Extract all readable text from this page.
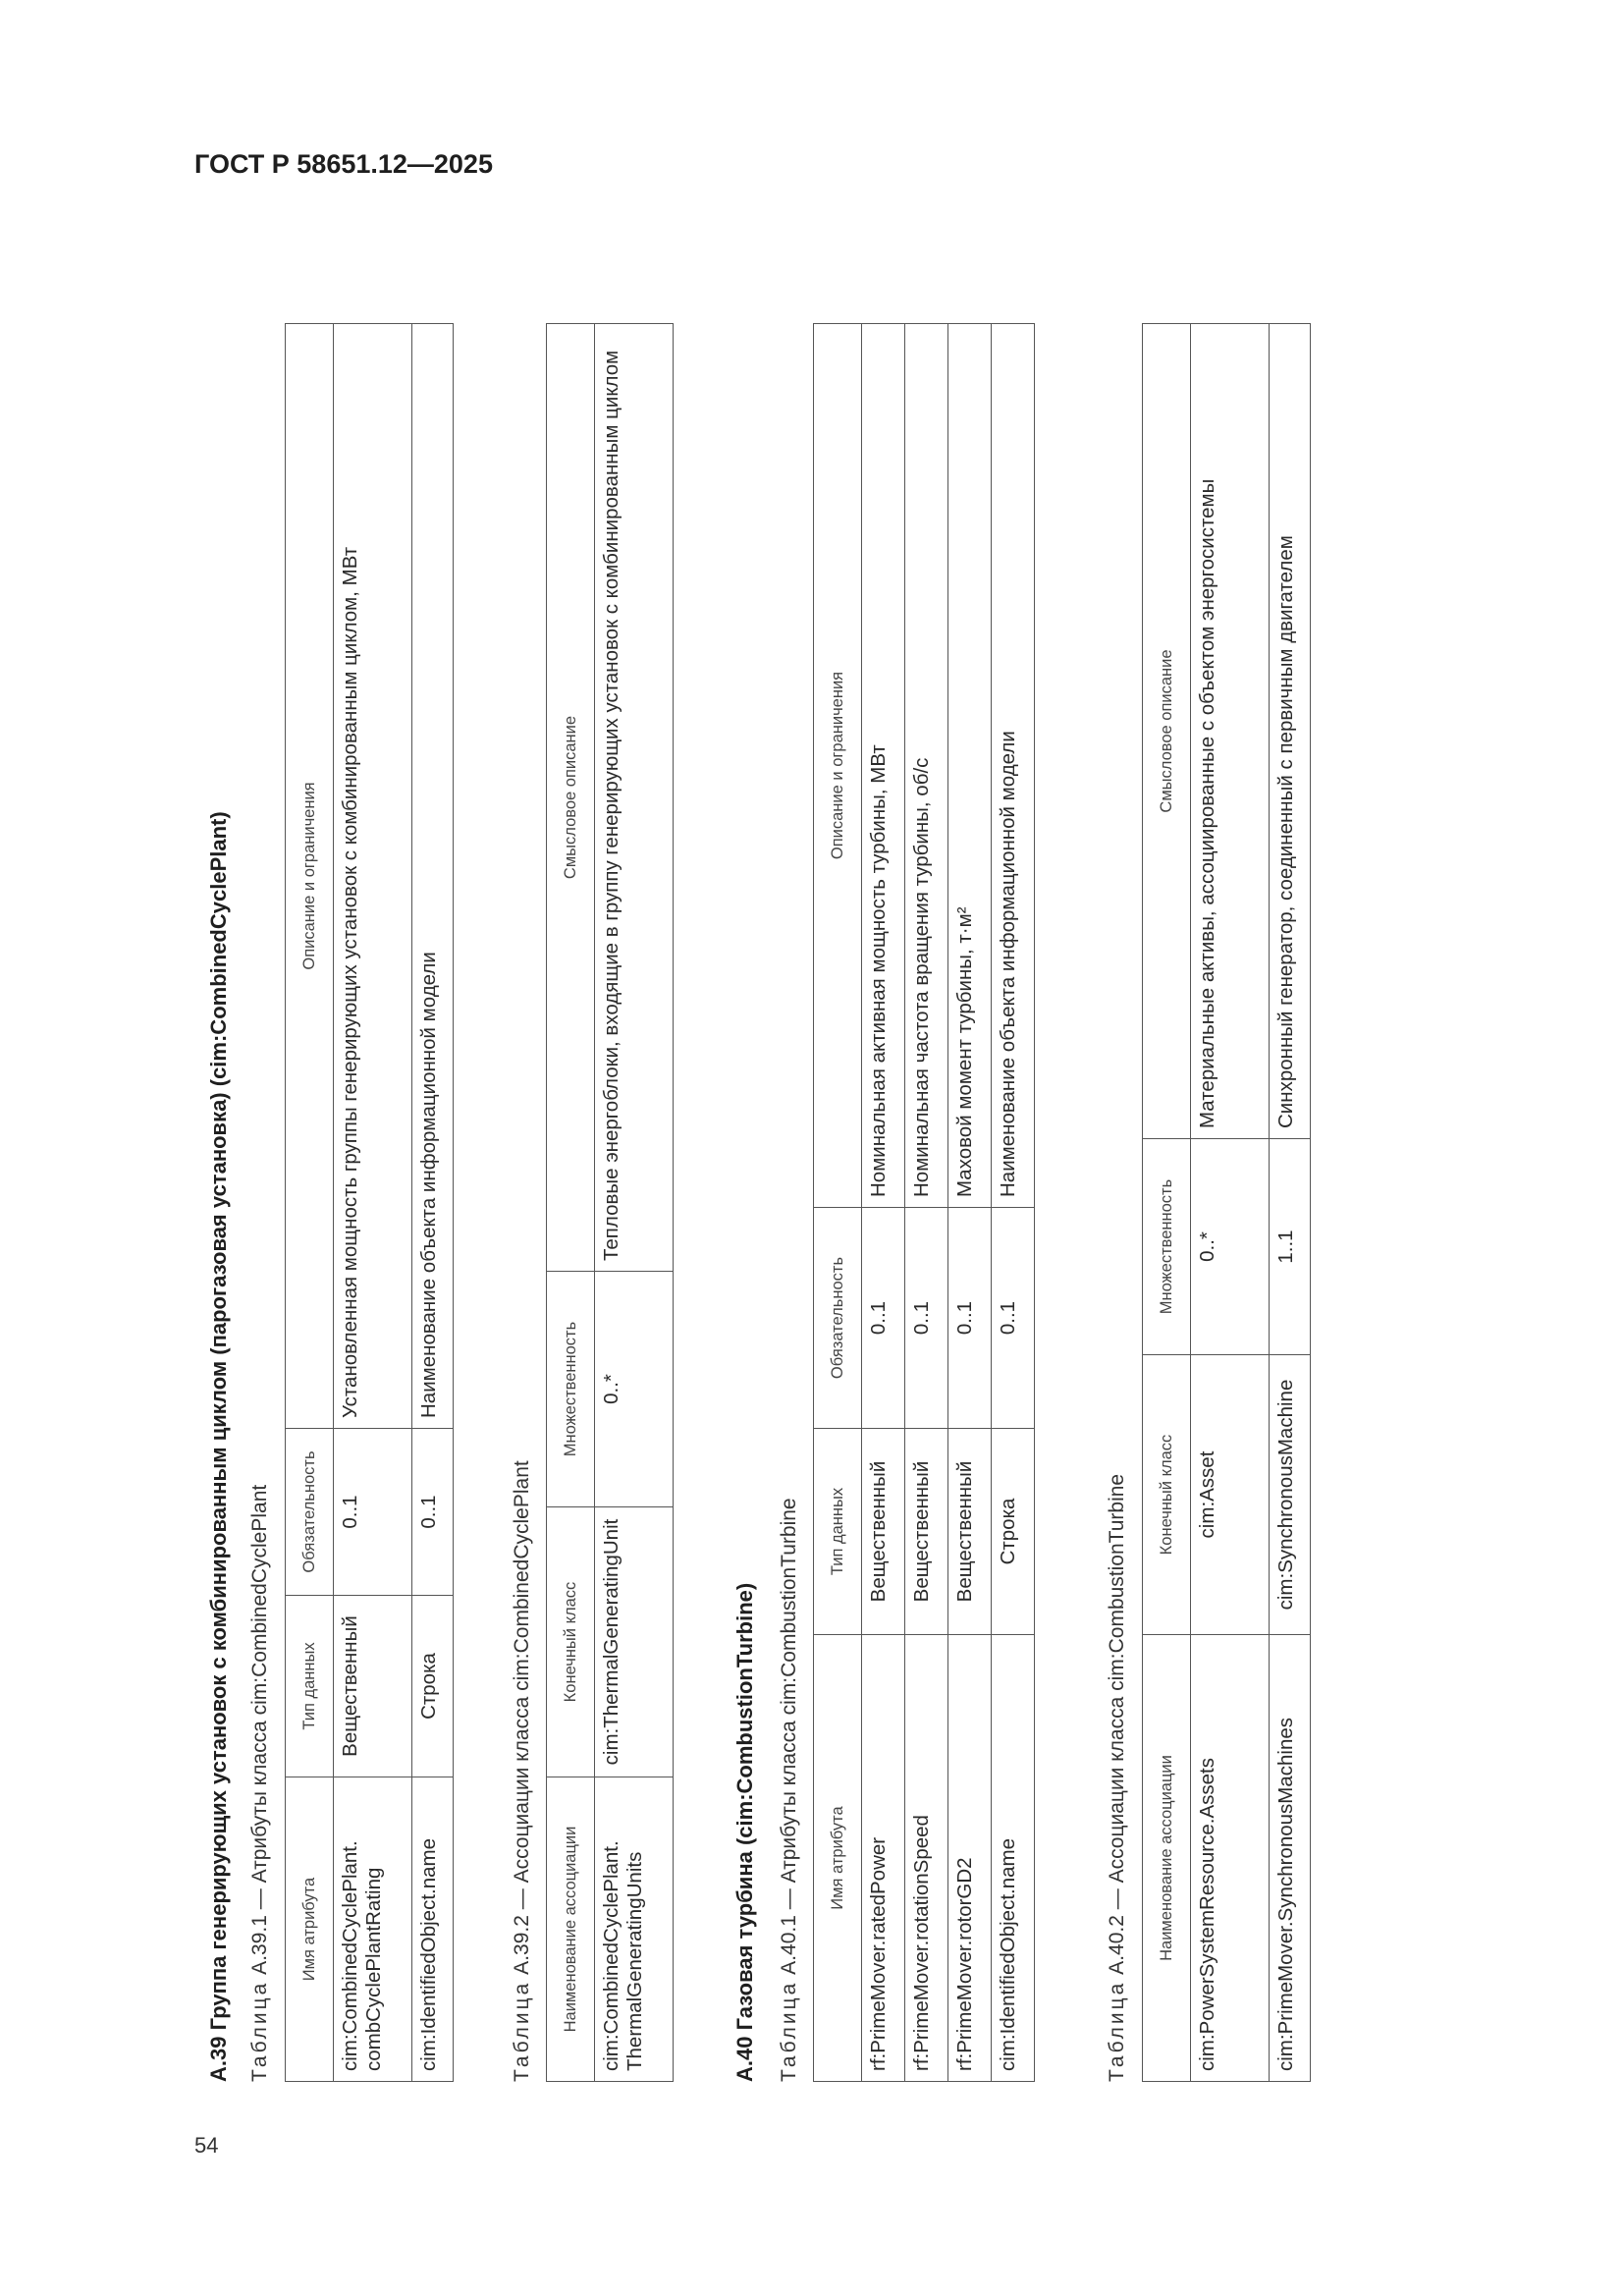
ГОСТ Р 58651.12—2025
54
А.39 Группа генерирующих установок с комбинированным циклом (парогазовая установка) (cim:CombinedCyclePlant) Таблица А.39.1 — Атрибуты класса cim:CombinedCyclePlant Имя атрибута	Тип данных	Обязательность	Описание и ограничения
cim:CombinedCyclePlant. combCyclePlantRating	Вещественный	0..1	Установленная мощность группы генерирующих установок с комбинированным циклом, МВт
cim:IdentifiedObject.name	Строка	0..1	Наименование объекта информационной модели
Таблица А.39.2 — Ассоциации класса cim:CombinedCyclePlant Наименование ассоциации	Конечный класс	Множественность	Смысловое описание
cim:CombinedCyclePlant. ThermalGeneratingUnits	cim:ThermalGeneratingUnit	0..*	Тепловые энергоблоки, входящие в группу генерирующих установок с комбинированным циклом
А.40 Газовая турбина (cim:CombustionTurbine) Таблица А.40.1 — Атрибуты класса cim:CombustionTurbine Имя атрибута	Тип данных	Обязательность	Описание и ограничения
rf:PrimeMover.ratedPower	Вещественный	0..1	Номинальная активная мощность турбины, МВт
rf:PrimeMover.rotationSpeed	Вещественный	0..1	Номинальная частота вращения турбины, об/с
rf:PrimeMover.rotorGD2	Вещественный	0..1	Маховой момент турбины, т·м²
cim:IdentifiedObject.name	Строка	0..1	Наименование объекта информационной модели
Таблица А.40.2 — Ассоциации класса cim:CombustionTurbine Наименование ассоциации	Конечный класс	Множественность	Смысловое описание
cim:PowerSystemResource.Assets	cim:Asset	0..*	Материальные активы, ассоциированные с объектом энергосистемы
cim:PrimeMover.SynchronousMachines	cim:SynchronousMachine	1..1	Синхронный генератор, соединенный с первичным двигателем
